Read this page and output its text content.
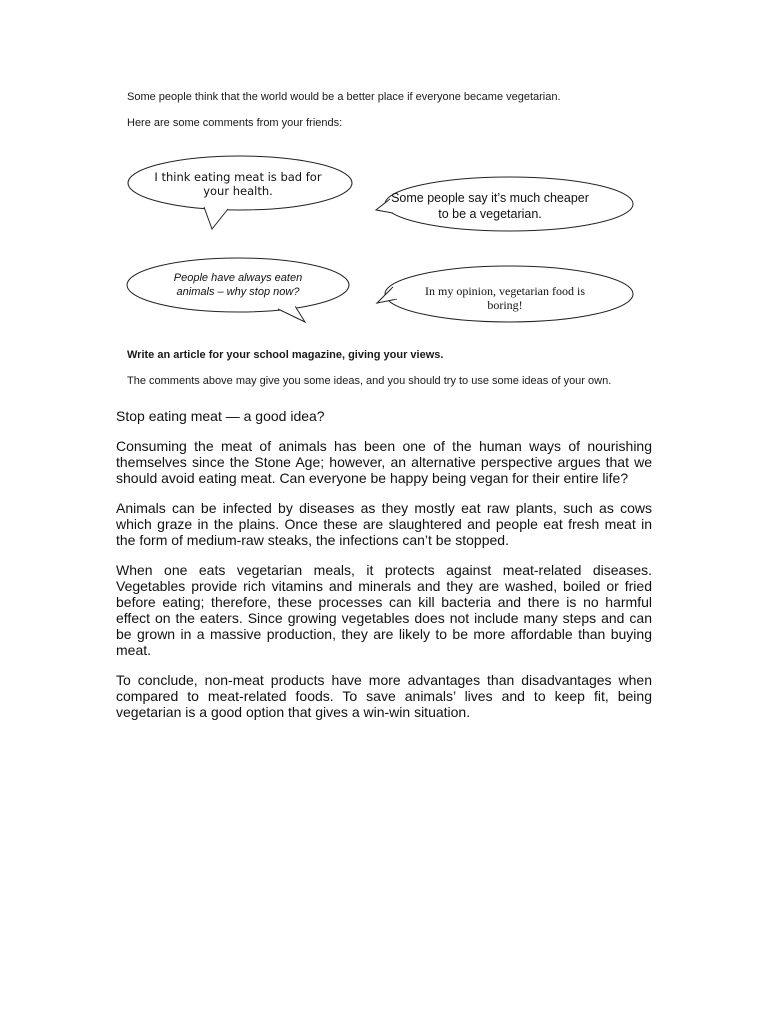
Some people think that the world would be a better place if everyone became vegetarian.
Here are some comments from your friends:
I think eating meat is bad for
your health.	Some people say it’s much cheaper
to be a vegetarian.
People have always eaten
animals – why stop now?	In my opinion, vegetarian food is
boring!
Write an article for your school magazine, giving your views.
The comments above may give you some ideas, and you should try to use some ideas of your own.
Stop eating meat — a good idea?

Consuming the meat of animals has been one of the human ways of nourishing themselves since the Stone Age; however, an alternative perspective argues that we should avoid eating meat. Can everyone be happy being vegan for their entire life?

Animals can be infected by diseases as they mostly eat raw plants, such as cows which graze in the plains. Once these are slaughtered and people eat fresh meat in the form of medium-raw steaks, the infections can’t be stopped.

When one eats vegetarian meals, it protects against meat-related diseases. Vegetables provide rich vitamins and minerals and they are washed, boiled or fried before eating; therefore, these processes can kill bacteria and there is no harmful effect on the eaters. Since growing vegetables does not include many steps and can be grown in a massive production, they are likely to be more affordable than buying meat.

To conclude, non-meat products have more advantages than disadvantages when compared to meat-related foods. To save animals’ lives and to keep fit, being vegetarian is a good option that gives a win-win situation.
